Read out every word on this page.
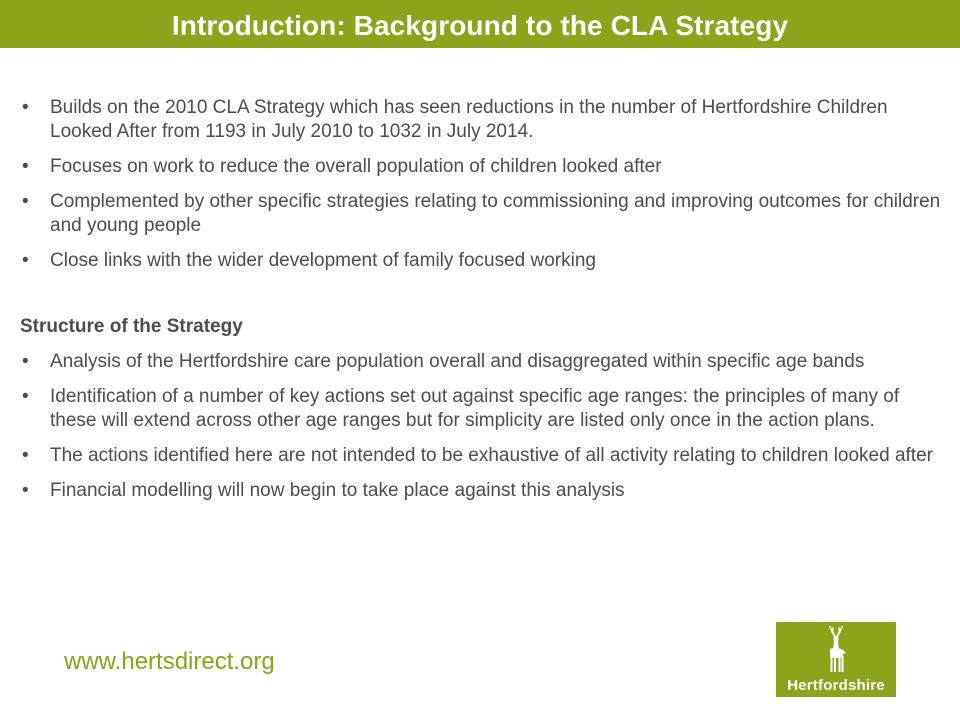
Introduction: Background to the CLA Strategy
• Builds on the 2010 CLA Strategy which has seen reductions in the number of Hertfordshire Children Looked After from 1193 in July 2010 to 1032 in July 2014.
• Focuses on work to reduce the overall population of children looked after
• Complemented by other specific strategies relating to commissioning and improving outcomes for children and young people
• Close links with the wider development of family focused working
Structure of the Strategy
• Analysis of the Hertfordshire care population overall and disaggregated within specific age bands
• Identification of a number of key actions set out against specific age ranges: the principles of many of these will extend across other age ranges but for simplicity are listed only once in the action plans.
• The actions identified here are not intended to be exhaustive of all activity relating to children looked after
• Financial modelling will now begin to take place against this analysis
www.hertsdirect.org
Hertfordshire
